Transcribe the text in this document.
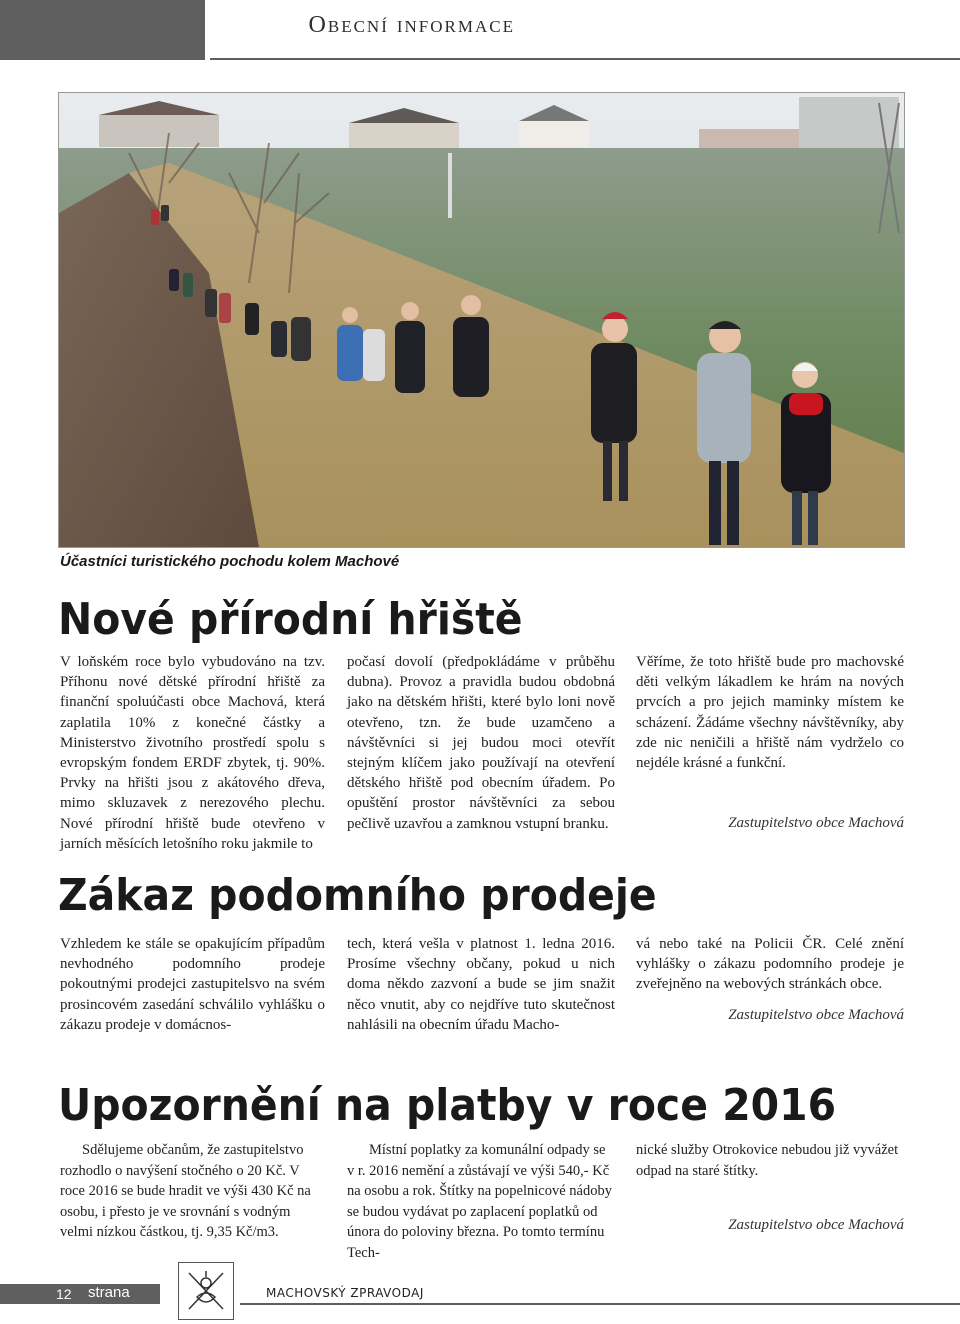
Obecní informace
Účastníci turistického pochodu kolem Machové
Nové přírodní hřiště
V loňském roce bylo vybudováno na tzv. Příhonu nové dětské přírodní hřiště za finanční spoluúčasti obce Machová, která zaplatila 10% z konečné částky a Ministerstvo životního prostředí spolu s evropským fondem ERDF zbytek, tj. 90%. Prvky na hřišti jsou z akátového dřeva, mimo skluzavek z nerezového plechu. Nové přírodní hřiště bude otevřeno v jarních měsících letošního roku jakmile to
počasí dovolí (předpokládáme v průběhu dubna). Provoz a pravidla budou obdobná jako na dětském hřišti, které bylo loni nově otevřeno, tzn. že bude uzamčeno a návštěvníci si jej budou moci otevřít stejným klíčem jako používají na otevření dětského hřiště pod obecním úřadem. Po opuštění prostor návštěvníci za sebou pečlivě uzavřou a zamknou vstupní branku.
Věříme, že toto hřiště bude pro machovské děti velkým lákadlem ke hrám na nových prvcích a pro jejich maminky místem ke scházení. Žádáme všechny návštěvníky, aby zde nic neničili a hřiště nám vydrželo co nejdéle krásné a funkční.
Zastupitelstvo obce Machová
Zákaz podomního prodeje
Vzhledem ke stále se opakujícím případům nevhodného podomního prodeje pokoutnými prodejci zastupitelsvo na svém prosincovém zasedání schválilo vyhlášku o zákazu prodeje v domácnos-
tech, která vešla v platnost 1. ledna 2016. Prosíme všechny občany, pokud u nich doma někdo zazvoní a bude se jim snažit něco vnutit, aby co nejdříve tuto skutečnost nahlásili na obecním úřadu Macho-
vá nebo také na Policii ČR. Celé znění vyhlášky o zákazu podomního prodeje je zveřejněno na webových stránkách obce.
Zastupitelstvo obce Machová
Upozornění na platby v roce 2016
Sdělujeme občanům, že zastupitelstvo rozhodlo o navýšení stočného o 20 Kč. V roce 2016 se bude hradit ve výši 430 Kč na osobu, i přesto je ve srovnání s vodným velmi nízkou částkou, tj. 9,35 Kč/m3.
Místní poplatky za komunální odpady se v r. 2016 nemění a zůstávají ve výši 540,- Kč na osobu a rok. Štítky na popelnicové nádoby se budou vydávat po zaplacení poplatků od února do poloviny března. Po tomto termínu Tech-
nické služby Otrokovice nebudou již vyvážet odpad na staré štítky.
Zastupitelstvo obce Machová
12 strana	MACHOVSKÝ ZPRAVODAJ
